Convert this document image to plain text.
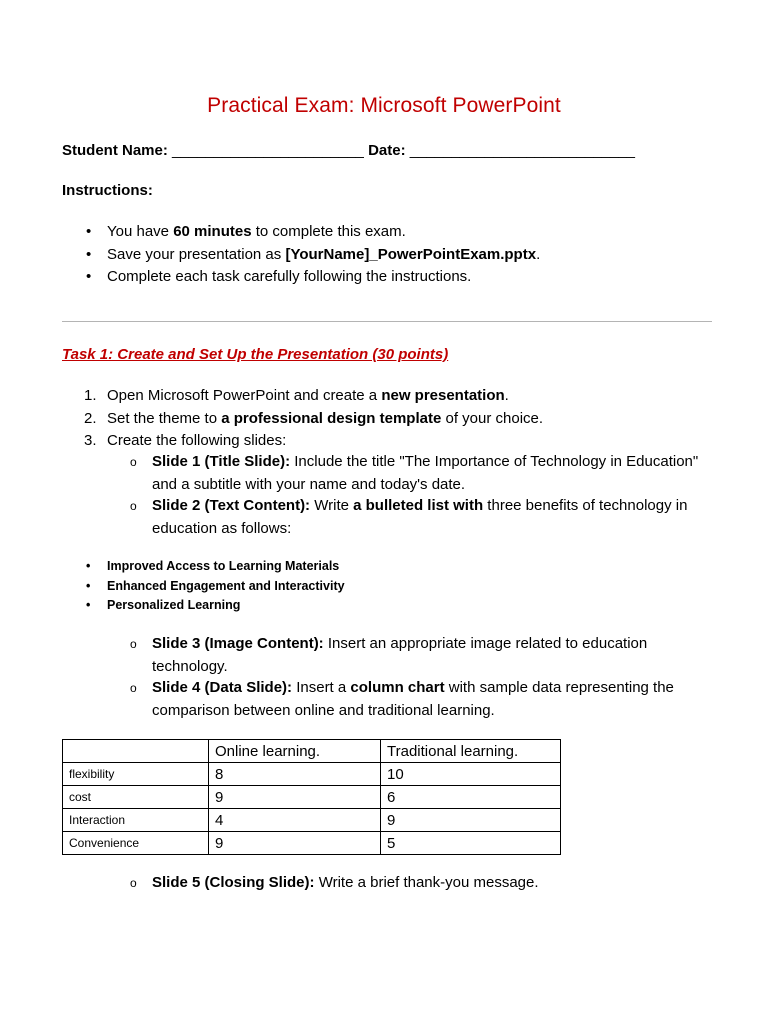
Practical Exam: Microsoft PowerPoint
Student Name: _______________________ Date: ___________________________
Instructions:
• You have 60 minutes to complete this exam.
• Save your presentation as [YourName]_PowerPointExam.pptx.
• Complete each task carefully following the instructions.
Task 1: Create and Set Up the Presentation (30 points)
1. Open Microsoft PowerPoint and create a new presentation.
2. Set the theme to a professional design template of your choice.
3. Create the following slides:
o Slide 1 (Title Slide): Include the title "The Importance of Technology in Education" and a subtitle with your name and today's date.
o Slide 2 (Text Content): Write a bulleted list with three benefits of technology in education as follows:
• Improved Access to Learning Materials
• Enhanced Engagement and Interactivity
• Personalized Learning
o Slide 3 (Image Content): Insert an appropriate image related to education technology.
o Slide 4 (Data Slide): Insert a column chart with sample data representing the comparison between online and traditional learning.
	Online learning.	Traditional learning.
flexibility	8	10
cost	9	6
Interaction	4	9
Convenience	9	5
o Slide 5 (Closing Slide): Write a brief thank-you message.
